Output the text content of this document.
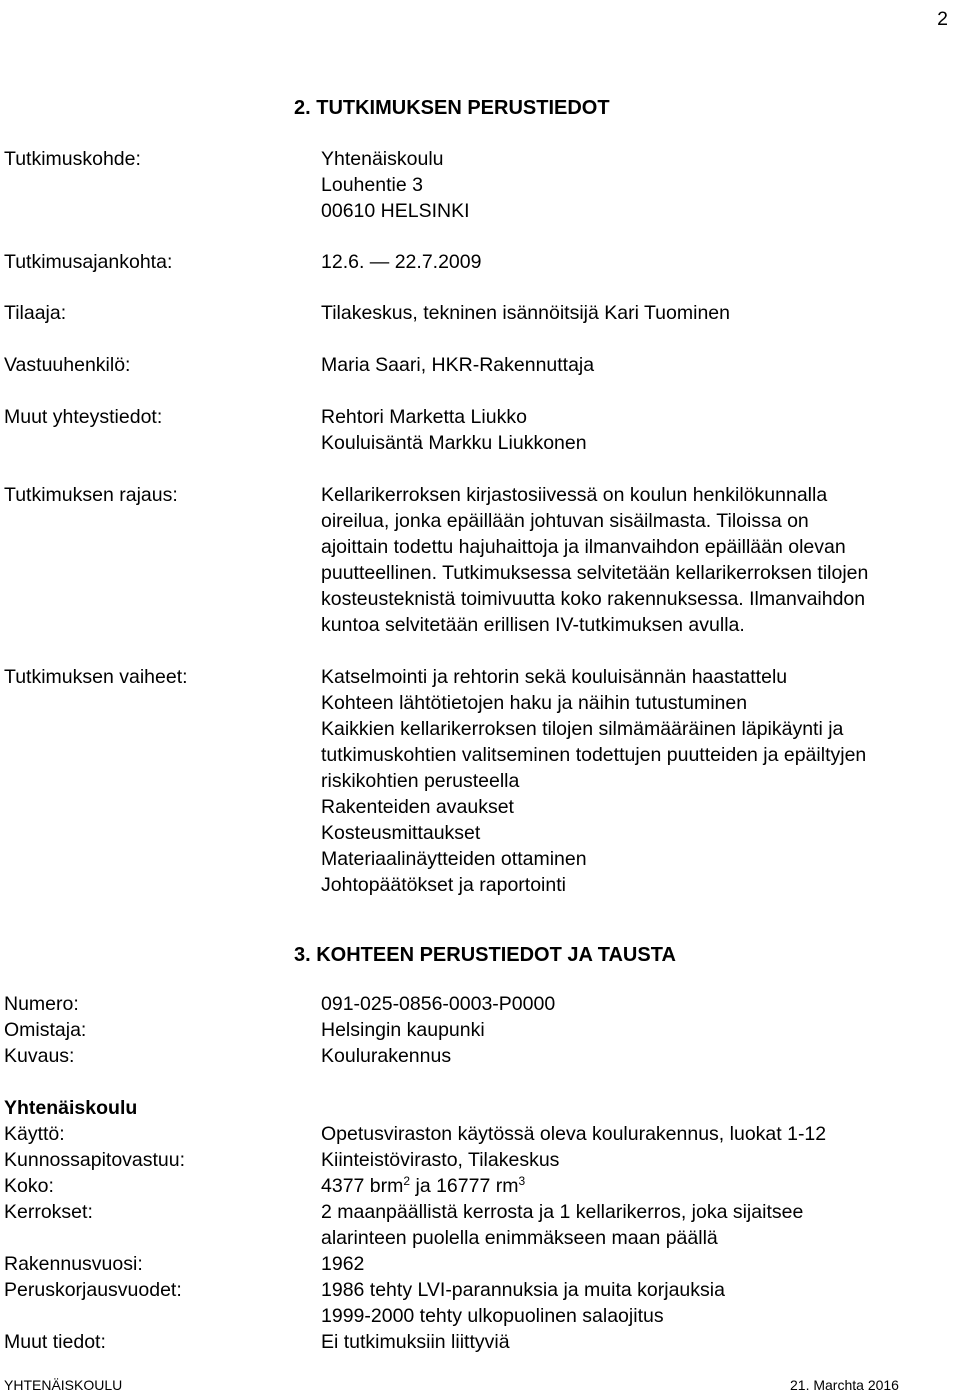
2
2. TUTKIMUKSEN PERUSTIEDOT
Tutkimuskohde:	Yhtenäiskoulu
Louhentie 3
00610 HELSINKI
Tutkimusajankohta:	12.6. — 22.7.2009
Tilaaja:	Tilakeskus, tekninen isännöitsijä Kari Tuominen
Vastuuhenkilö:	Maria Saari, HKR-Rakennuttaja
Muut yhteystiedot:	Rehtori Marketta Liukko
Kouluisäntä Markku Liukkonen
Tutkimuksen rajaus:	Kellarikerroksen kirjastosiivessä on koulun henkilökunnalla
oireilua, jonka epäillään johtuvan sisäilmasta. Tiloissa on
ajoittain todettu hajuhaittoja ja ilmanvaihdon epäillään olevan
puutteellinen. Tutkimuksessa selvitetään kellarikerroksen tilojen
kosteusteknistä toimivuutta koko rakennuksessa. Ilmanvaihdon
kuntoa selvitetään erillisen IV-tutkimuksen avulla.
Tutkimuksen vaiheet:	Katselmointi ja rehtorin sekä kouluisännän haastattelu
Kohteen lähtötietojen haku ja näihin tutustuminen
Kaikkien kellarikerroksen tilojen silmämääräinen läpikäynti ja
tutkimuskohtien valitseminen todettujen puutteiden ja epäiltyjen
riskikohtien perusteella
Rakenteiden avaukset
Kosteusmittaukset
Materiaalinäytteiden ottaminen
Johtopäätökset ja raportointi
3. KOHTEEN PERUSTIEDOT JA TAUSTA
Numero:	091-025-0856-0003-P0000
Omistaja:	Helsingin kaupunki
Kuvaus:	Koulurakennus
Yhtenäiskoulu
Käyttö:	Opetusviraston käytössä oleva koulurakennus, luokat 1-12
Kunnossapitovastuu:	Kiinteistövirasto, Tilakeskus
Koko:	4377 brm$^2$ ja 16777 $rm^3$
Kerrokset:	2 maanpäällistä kerrosta ja 1 kellarikerros, joka sijaitsee
alarinteen puolella enimmäkseen maan päällä
Rakennusvuosi:	1962
Peruskorjausvuodet:	1986 tehty LVI-parannuksia ja muita korjauksia
1999-2000 tehty ulkopuolinen salaojitus
Muut tiedot:	Ei tutkimuksiin liittyviä
YHTENÄISKOULU	21. Marchta 2016
